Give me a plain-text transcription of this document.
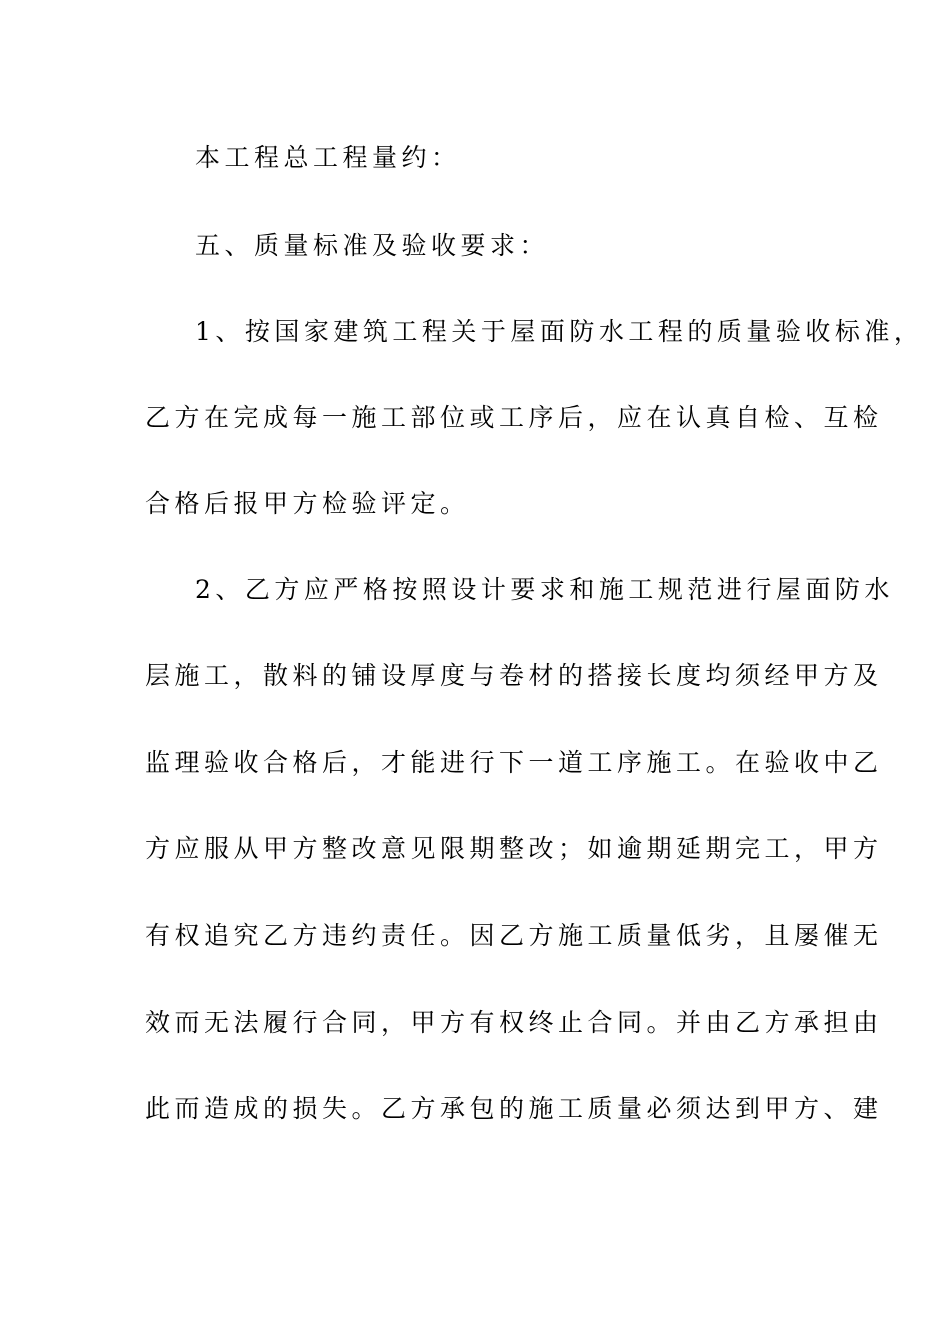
本工程总工程量约：
五、质量标准及验收要求：
1、按国家建筑工程关于屋面防水工程的质量验收标准，
乙方在完成每一施工部位或工序后，应在认真自检、互检
合格后报甲方检验评定。
2、乙方应严格按照设计要求和施工规范进行屋面防水
层施工，散料的铺设厚度与卷材的搭接长度均须经甲方及
监理验收合格后，才能进行下一道工序施工。在验收中乙
方应服从甲方整改意见限期整改；如逾期延期完工，甲方
有权追究乙方违约责任。因乙方施工质量低劣，且屡催无
效而无法履行合同，甲方有权终止合同。并由乙方承担由
此而造成的损失。乙方承包的施工质量必须达到甲方、建
